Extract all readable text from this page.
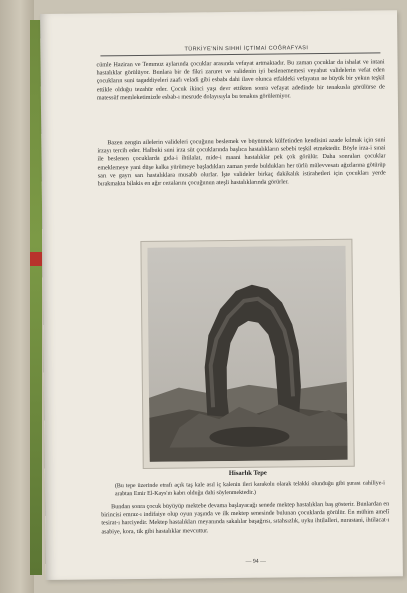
TÜRKİYE'NİN SIHHİ İÇTİMAİ COĞRAFYASI
cümle Haziran ve Temmuz aylarında çocuklar arasında vefayat artmaktadır. Bu zaman çocuklar da ishalat ve intani hastalıklar görülüyor. Bunlara bir de fikri zaruret ve validenin iyi beslenememesi veyahut validelerin vefat eden çocukların suni tagaddiyeleri zaafı veladi gibi esbabı dahi ilave olunca etfaldeki vefayatın ne büyük bir yekun teşkil ettikle olduğu tezahür eder. Çocuk ikinci yaşı devr ettikten sonra vefayat adedinde bir tenakusla görülürse de matessüf memleketimizde esbab-ı mesrude dolayısıyla bu tenakus görülemiyor.
Bazen zengin ailelerin valideleri çocuğunu beslemek ve büyütmek külfetinden kendisini azade kılmak için suni irzayı tercih eder. Halbuki suni irza süt çocuklarında başlıca hastalıkların sebebi teşkil etmektedir. Böyle irza-i sınai ile beslenen çocuklarda gıda-i ihtilalat, mide-i maani hastalıklar pek çok görülür. Daha sonraları çocuklar emeklemeye yani düşe kalka yürümeye başladıkları zaman yerde buldukları her türlü mülevvesatı ağızlarına götürüp sarı ve gayrı sarı hastalıklara musabb olurlar. İşte valideler birkaç dakikalık istirahetleri için çocukları yerde bırakmakta bilakis en ağır cezalarını çocuğunun ateşli hastalıklarında görürler.
Hisarlık Tepe
(Bu tepe üzerinde etrafı açık taş kale asıl iç kalenin ileri karakolu olarak telakki olunduğu gibi şurası cahiliye-i arabtan Emir El-Kays'ın kabrı olduğu dahi söylenmektedir.)
Bundan sonra çocuk büyüyüp mektebe devama başlayacağı senede mektep hastalıkları baş gösterir. Bunlardan en birincisi emraz-ı indifaiye olup oyun yaşında ve ilk mektep senesinde bulunan çocuklarda görülür. En mühim amelî tesirat-ı harciyedir. Mektep hastalıkları meyanında sakalılar başağrısı, sıtahsızlık, uyku ihtilalleri, nurastani, ihtilacat-ı asabiye, kora, tik gibi hastalıklar mevcuttur.
— 94 —
